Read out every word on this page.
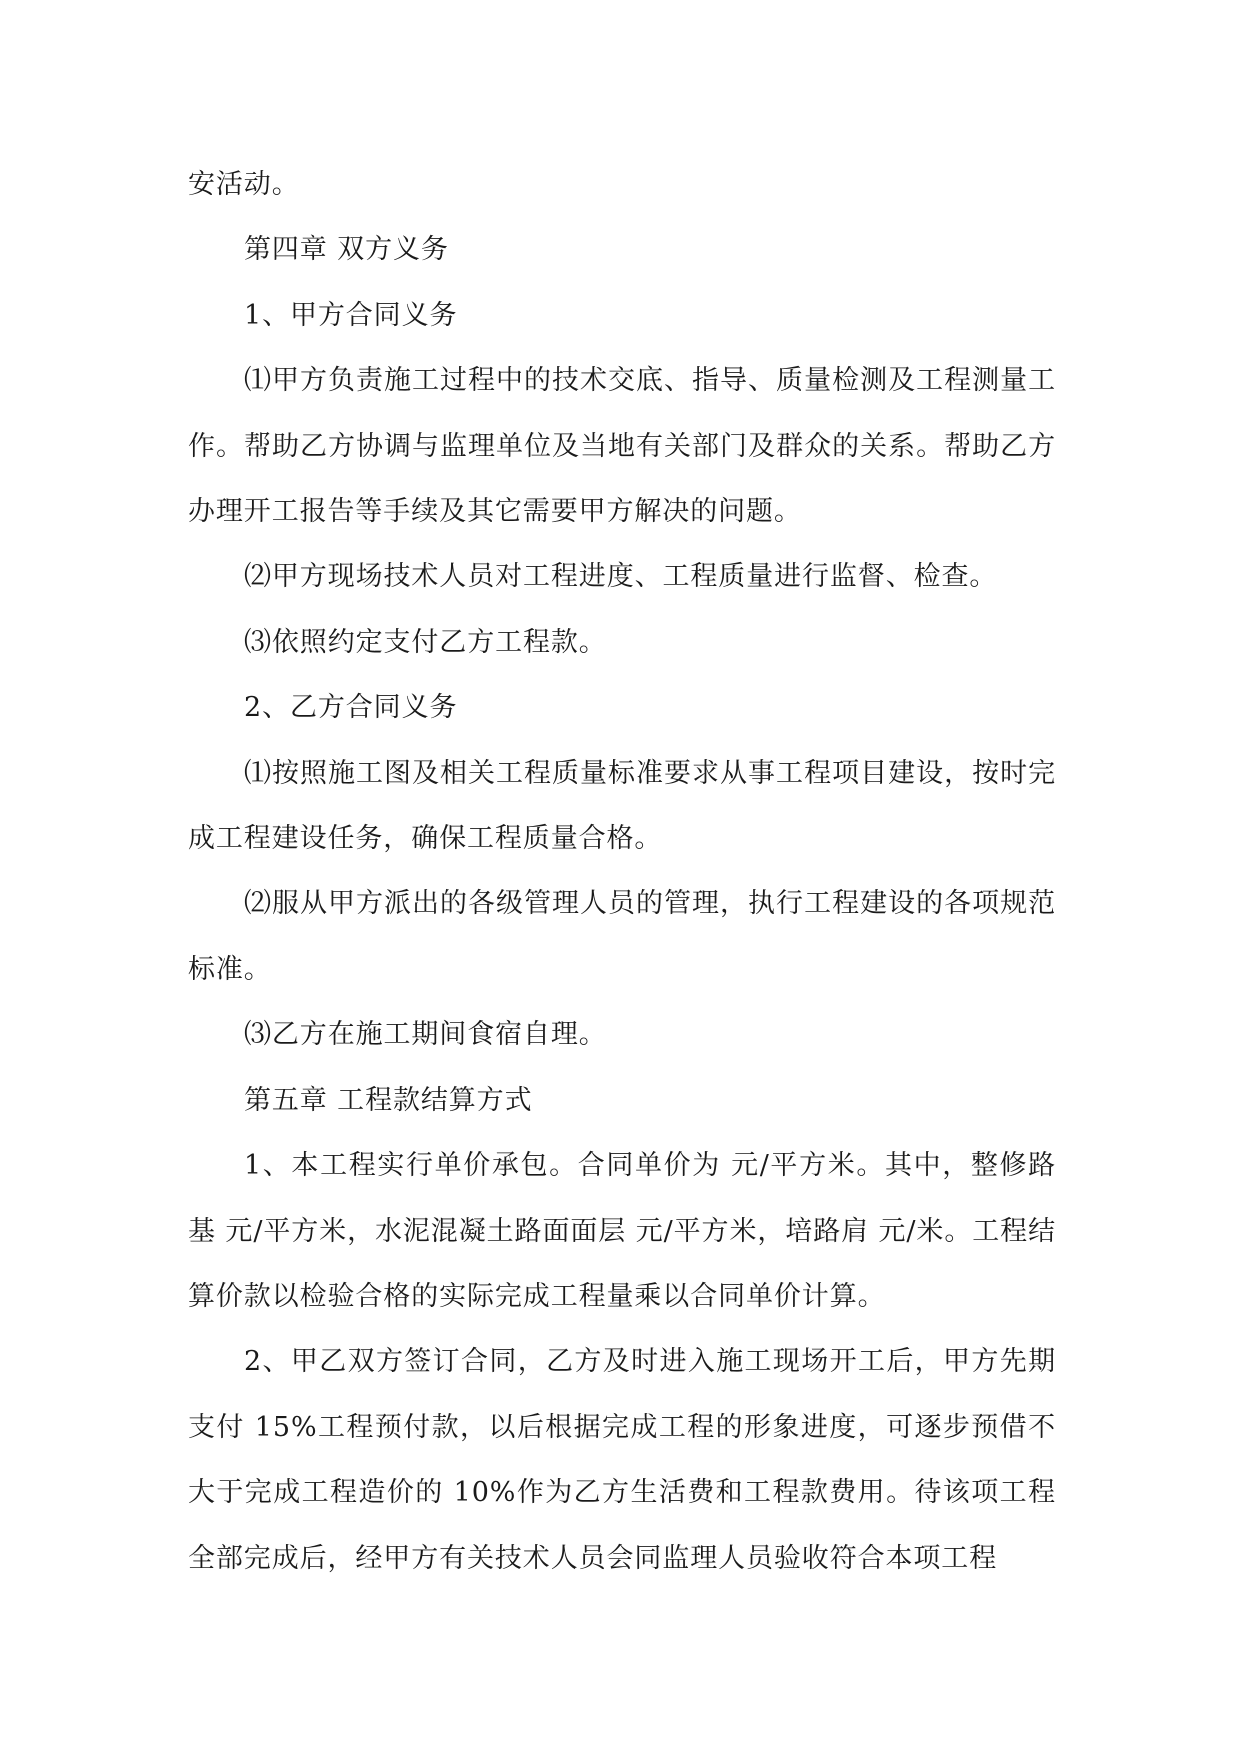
安活动。

第四章 双方义务

1、甲方合同义务

⑴甲方负责施工过程中的技术交底、指导、质量检测及工程测量工作。帮助乙方协调与监理单位及当地有关部门及群众的关系。帮助乙方办理开工报告等手续及其它需要甲方解决的问题。

⑵甲方现场技术人员对工程进度、工程质量进行监督、检查。

⑶依照约定支付乙方工程款。

2、乙方合同义务

⑴按照施工图及相关工程质量标准要求从事工程项目建设，按时完成工程建设任务，确保工程质量合格。

⑵服从甲方派出的各级管理人员的管理，执行工程建设的各项规范标准。

⑶乙方在施工期间食宿自理。

第五章 工程款结算方式

1、本工程实行单价承包。合同单价为 元/平方米。其中，整修路基 元/平方米，水泥混凝土路面面层 元/平方米，培路肩 元/米。工程结算价款以检验合格的实际完成工程量乘以合同单价计算。

2、甲乙双方签订合同，乙方及时进入施工现场开工后，甲方先期支付 15%工程预付款，以后根据完成工程的形象进度，可逐步预借不大于完成工程造价的 10%作为乙方生活费和工程款费用。待该项工程全部完成后，经甲方有关技术人员会同监理人员验收符合本项工程
